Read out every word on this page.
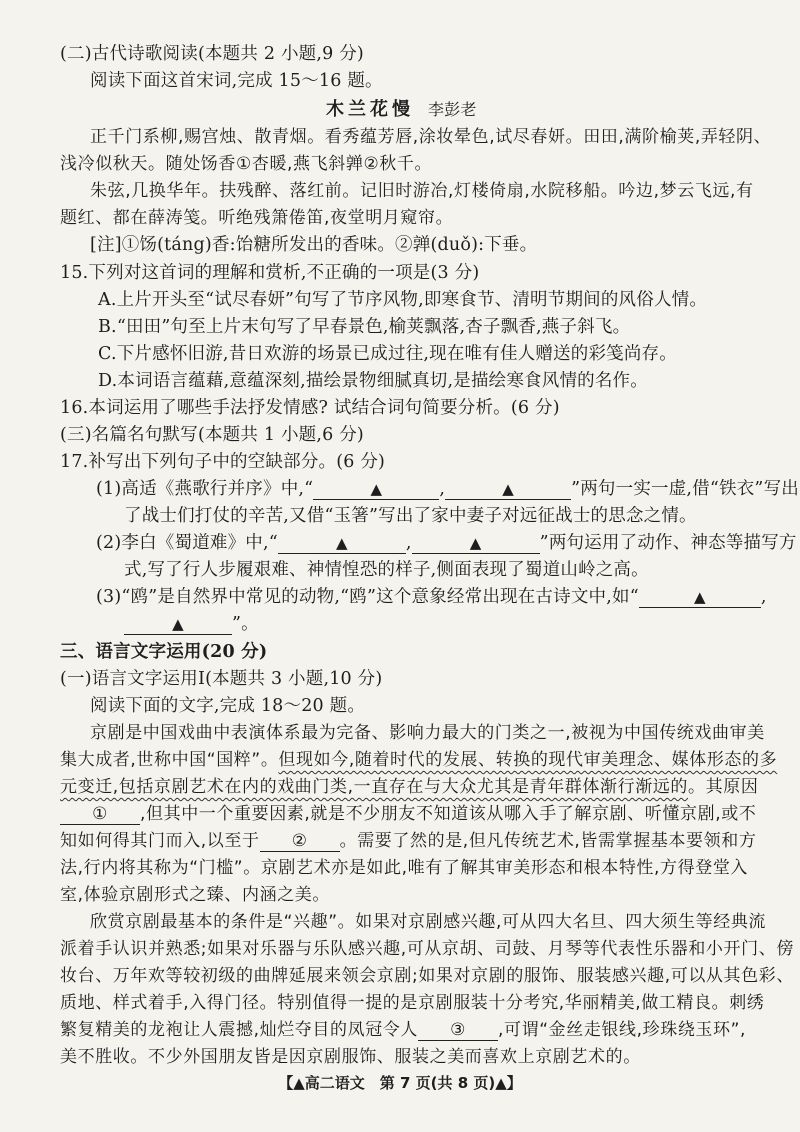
(二)古代诗歌阅读(本题共 2 小题,9 分)
阅读下面这首宋词,完成 15～16 题。
木兰花慢 李彭老
正千门系柳,赐宫烛、散青烟。看秀蕴芳唇,涂妆晕色,试尽春妍。田田,满阶榆荚,弄轻阴、
浅冷似秋天。随处饧香①杏暖,燕飞斜亸②秋千。
朱弦,几换华年。扶残醉、落红前。记旧时游冶,灯楼倚扇,水院移船。吟边,梦云飞远,有
题红、都在薛涛笺。听绝残箫倦笛,夜堂明月窥帘。
[注]①饧(táng)香:饴糖所发出的香味。②亸(duǒ):下垂。
15.下列对这首词的理解和赏析,不正确的一项是(3 分)
A.上片开头至“试尽春妍”句写了节序风物,即寒食节、清明节期间的风俗人情。
B.“田田”句至上片末句写了早春景色,榆荚飘落,杏子飘香,燕子斜飞。
C.下片感怀旧游,昔日欢游的场景已成过往,现在唯有佳人赠送的彩笺尚存。
D.本词语言蕴藉,意蕴深刻,描绘景物细腻真切,是描绘寒食风情的名作。
16.本词运用了哪些手法抒发情感? 试结合词句简要分析。(6 分)
(三)名篇名句默写(本题共 1 小题,6 分)
17.补写出下列句子中的空缺部分。(6 分)
(1)高适《燕歌行并序》中,“	▲	,	▲	”两句一实一虚,借“铁衣”写出
了战士们打仗的辛苦,又借“玉箸”写出了家中妻子对远征战士的思念之情。
(2)李白《蜀道难》中,“	▲	,	▲	”两句运用了动作、神态等描写方
式,写了行人步履艰难、神情惶恐的样子,侧面表现了蜀道山岭之高。
(3)“鸥”是自然界中常见的动物,“鸥”这个意象经常出现在古诗文中,如“	▲	,
▲	”。
三、语言文字运用(20 分)
(一)语言文字运用Ⅰ(本题共 3 小题,10 分)
阅读下面的文字,完成 18～20 题。
京剧是中国戏曲中表演体系最为完备、影响力最大的门类之一,被视为中国传统戏曲审美
集大成者,世称中国“国粹”。但现如今,随着时代的发展、转换的现代审美理念、媒体形态的多
元变迁,包括京剧艺术在内的戏曲门类,一直存在与大众尤其是青年群体渐行渐远的。其原因
① ,但其中一个重要因素,就是不少朋友不知道该从哪入手了解京剧、听懂京剧,或不
知如何得其门而入,以至于 ② 。需要了然的是,但凡传统艺术,皆需掌握基本要领和方
法,行内将其称为“门槛”。京剧艺术亦是如此,唯有了解其审美形态和根本特性,方得登堂入
室,体验京剧形式之臻、内涵之美。
欣赏京剧最基本的条件是“兴趣”。如果对京剧感兴趣,可从四大名旦、四大须生等经典流
派着手认识并熟悉;如果对乐器与乐队感兴趣,可从京胡、司鼓、月琴等代表性乐器和小开门、傍
妆台、万年欢等较初级的曲牌延展来领会京剧;如果对京剧的服饰、服装感兴趣,可以从其色彩、
质地、样式着手,入得门径。特别值得一提的是京剧服装十分考究,华丽精美,做工精良。刺绣
繁复精美的龙袍让人震撼,灿烂夺目的凤冠令人 ③ ,可谓“金丝走银线,珍珠绕玉环”,
美不胜收。不少外国朋友皆是因京剧服饰、服装之美而喜欢上京剧艺术的。
【▲高二语文　第 7 页(共 8 页)▲】
